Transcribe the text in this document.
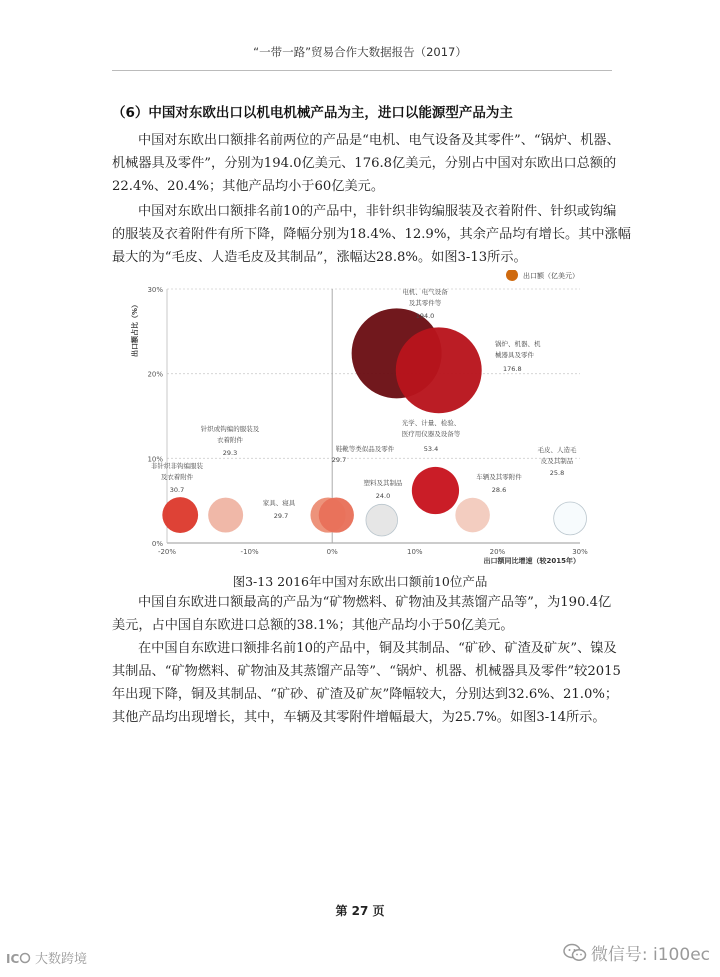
“一带一路”贸易合作大数据报告（2017）
（6）中国对东欧出口以机电机械产品为主，进口以能源型产品为主
中国对东欧出口额排名前两位的产品是“电机、电气设备及其零件”、“锅炉、机器、
机械器具及零件”，分别为194.0亿美元、176.8亿美元，分别占中国对东欧出口总额的
22.4%、20.4%；其他产品均小于60亿美元。
中国对东欧出口额排名前10的产品中，非针织非钩编服装及衣着附件、针织或钩编
的服装及衣着附件有所下降，降幅分别为18.4%、12.9%，其余产品均有增长。其中涨幅
最大的为“毛皮、人造毛皮及其制品”，涨幅达28.8%。如图3-13所示。
0%
10%
20%
30%
-20%	-10%	0%	10%	20%	30%
出口额同比增速（较2015年）
出口额占比（%）
出口额（亿美元）
电机、电气设备
及其零件等
194.0
锅炉、机器、机
械器具及零件
176.8
光学、计量、检验、
医疗用仪器及设备等
53.4
非针织非钩编服装
及衣着附件
30.7
针织或钩编的服装及
衣着附件
29.3
家具、寝具
29.7
鞋靴等类似品及零件
29.7
塑料及其制品
24.0
车辆及其零附件
28.6
毛皮、人造毛
皮及其制品
25.8
图3-13 2016年中国对东欧出口额前10位产品
中国自东欧进口额最高的产品为“矿物燃料、矿物油及其蒸馏产品等”，为190.4亿
美元，占中国自东欧进口总额的38.1%；其他产品均小于50亿美元。
在中国自东欧进口额排名前10的产品中，铜及其制品、“矿砂、矿渣及矿灰”、镍及
其制品、“矿物燃料、矿物油及其蒸馏产品等”、“锅炉、机器、机械器具及零件”较2015
年出现下降，铜及其制品、“矿砂、矿渣及矿灰”降幅较大，分别达到32.6%、21.0%；
其他产品均出现增长，其中，车辆及其零附件增幅最大，为25.7%。如图3-14所示。
第 27 页
IC 大数跨境	微信号: i100ec
